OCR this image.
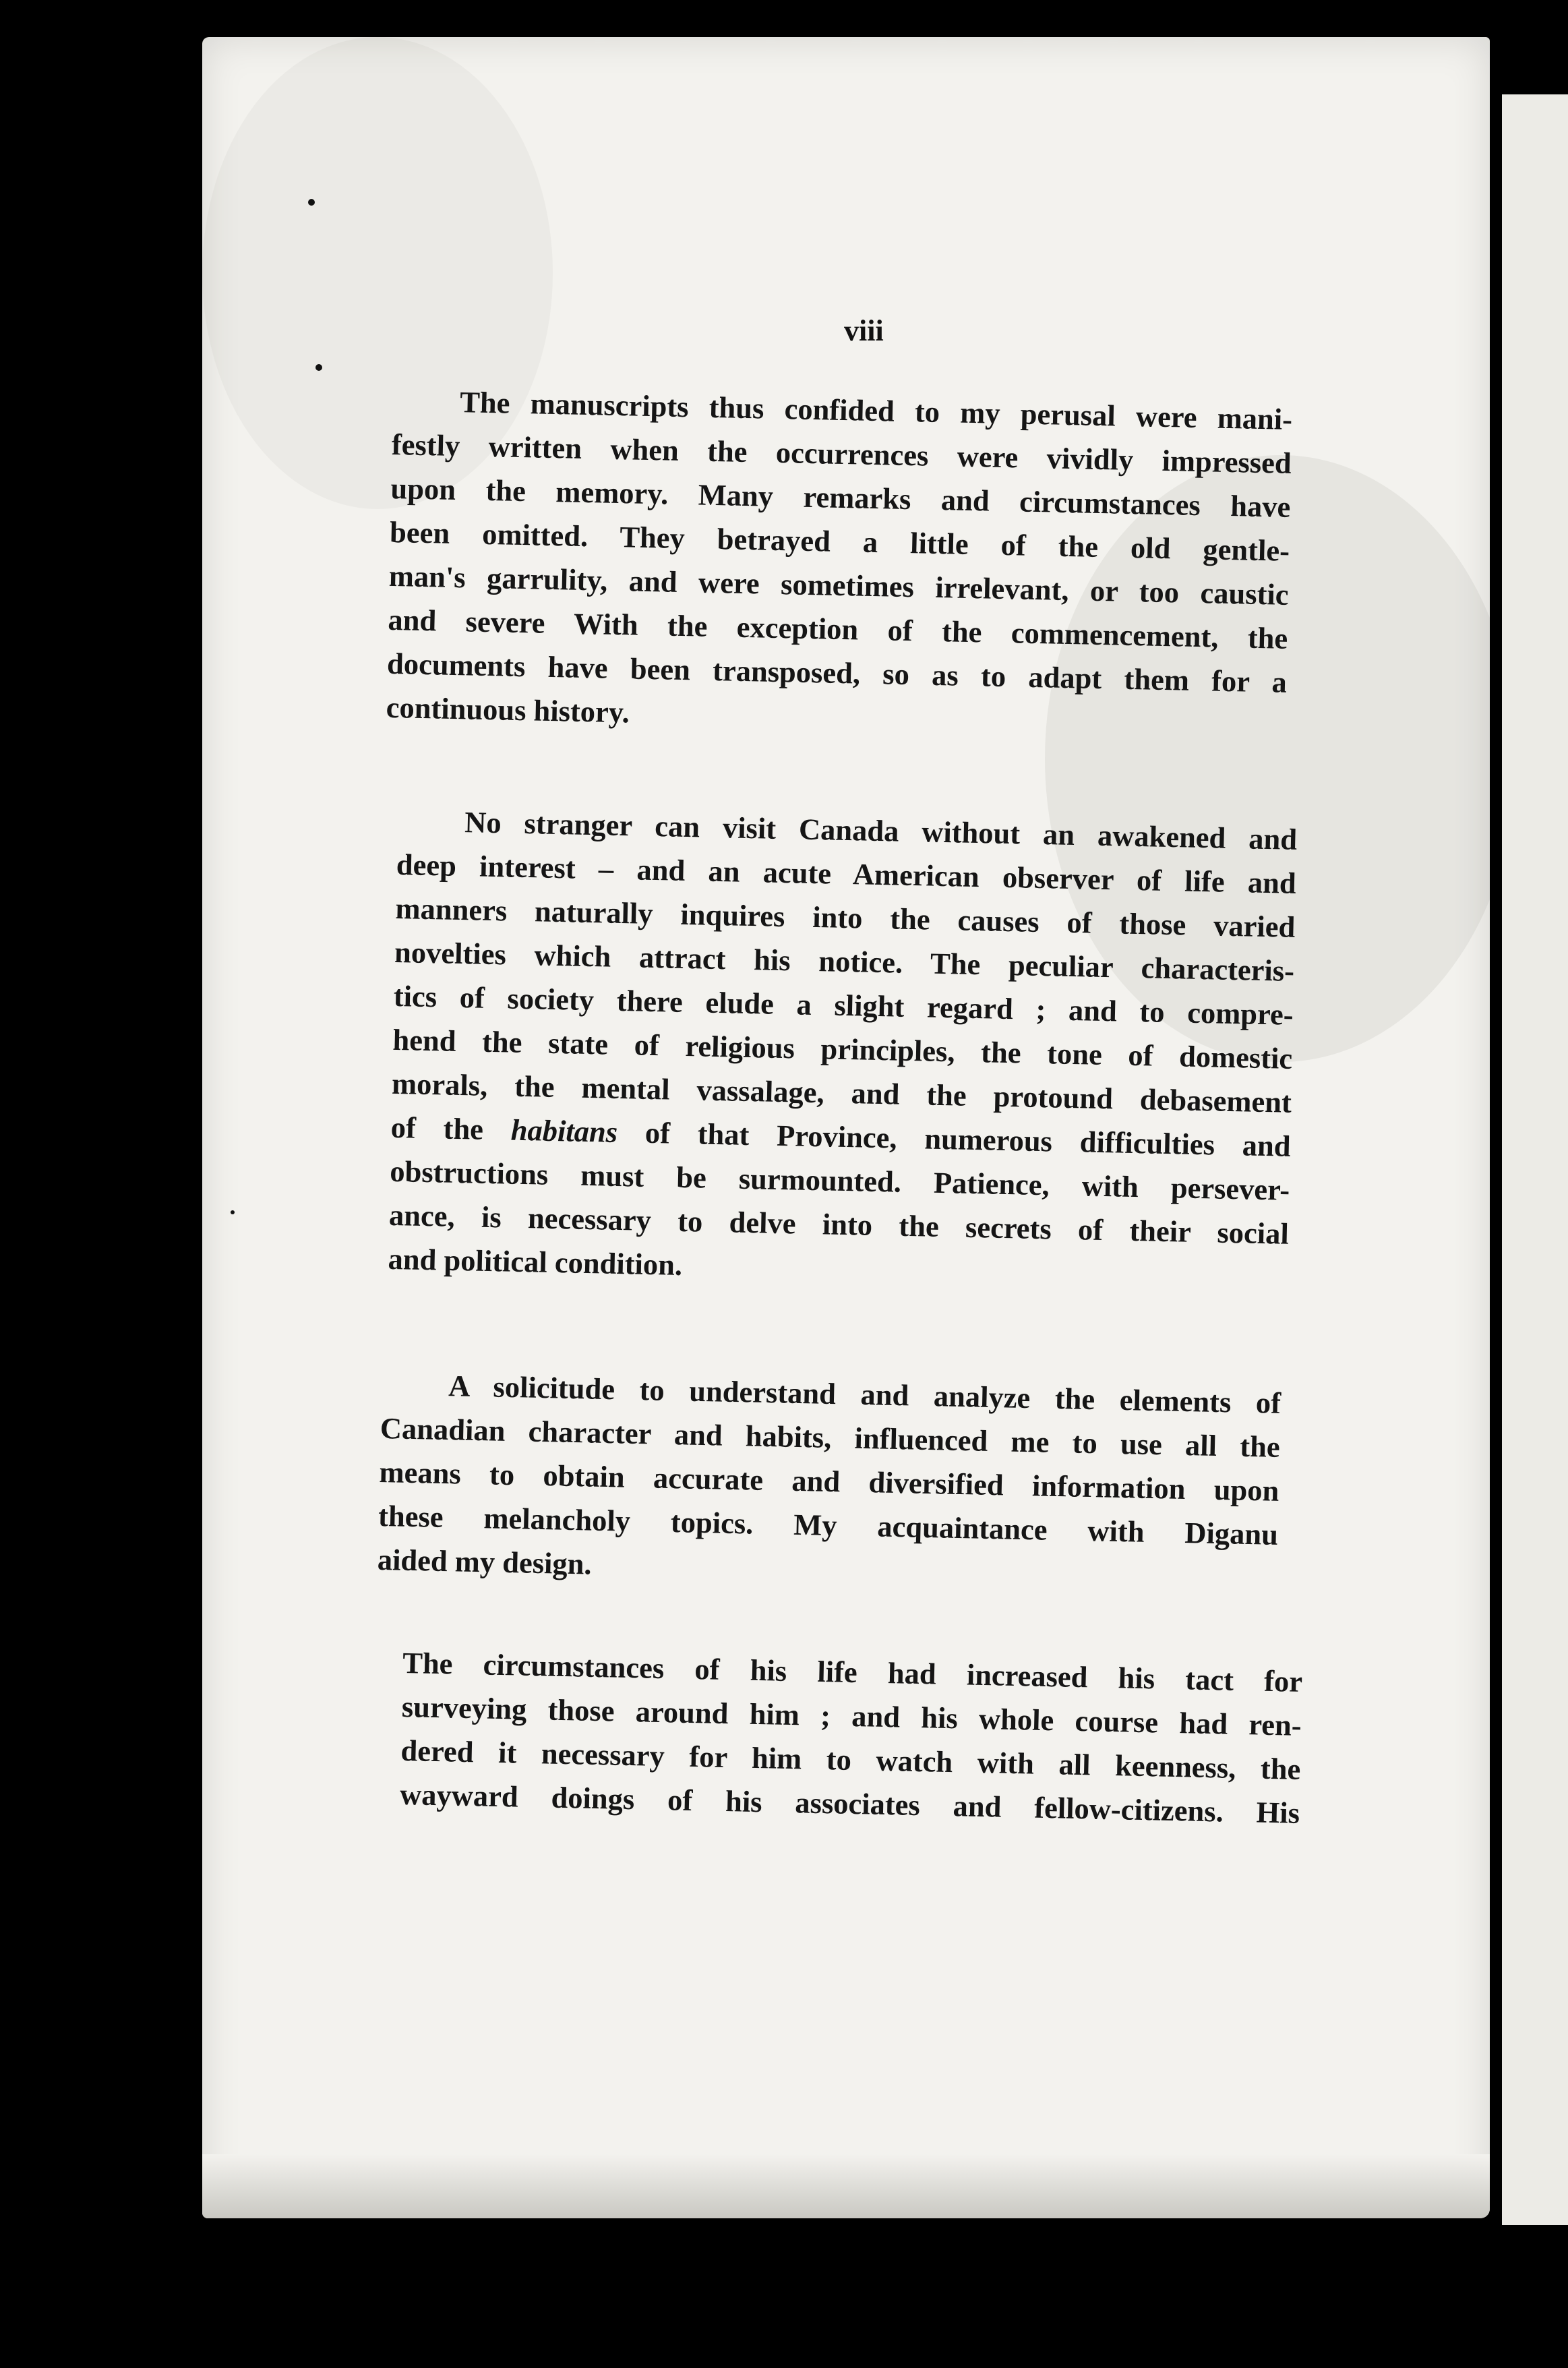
viii
The manuscripts thus confided to my perusal were mani-
festly written when the occurrences were vividly impressed
upon the memory. Many remarks and circumstances have
been omitted. They betrayed a little of the old gentle-
man's garrulity, and were sometimes irrelevant, or too caustic
and severe With the exception of the commencement, the
documents have been transposed, so as to adapt them for a
continuous history.
No stranger can visit Canada without an awakened and
deep interest – and an acute American observer of life and
manners naturally inquires into the causes of those varied
novelties which attract his notice. The peculiar characteris-
tics of society there elude a slight regard ; and to compre-
hend the state of religious principles, the tone of domestic
morals, the mental vassalage, and the protound debasement
of the habitans of that Province, numerous difficulties and
obstructions must be surmounted. Patience, with persever-
ance, is necessary to delve into the secrets of their social
and political condition.
A solicitude to understand and analyze the elements of
Canadian character and habits, influenced me to use all the
means to obtain accurate and diversified information upon
these melancholy topics. My acquaintance with Diganu
aided my design.
The circumstances of his life had increased his tact for
surveying those around him ; and his whole course had ren-
dered it necessary for him to watch with all keenness, the
wayward doings of his associates and fellow-citizens. His
